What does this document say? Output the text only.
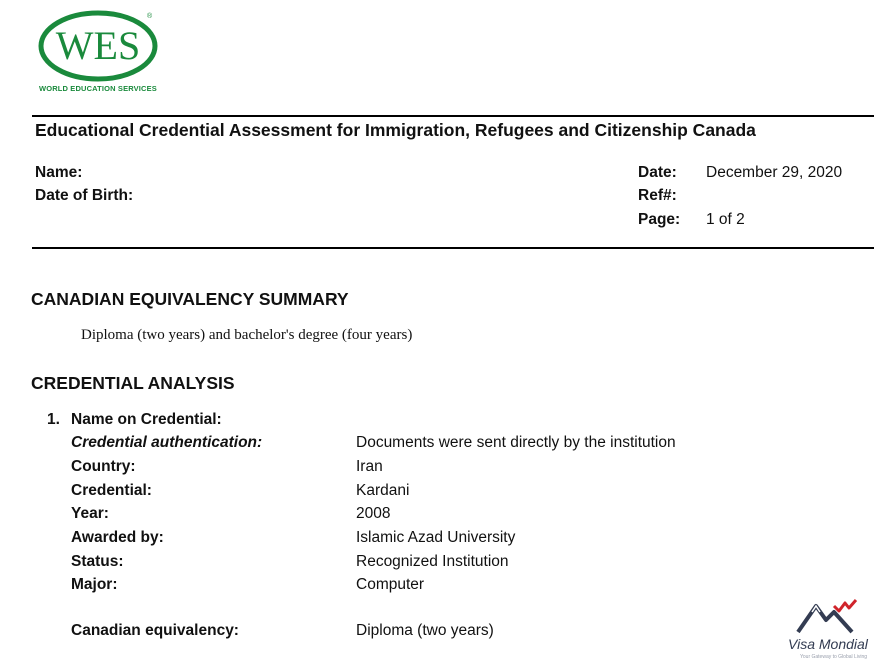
WES
®
WORLD EDUCATION SERVICES
Educational Credential Assessment for Immigration, Refugees and Citizenship Canada
Name:
Date of Birth:
Date: December 29, 2020
Ref#:
Page: 1 of 2
CANADIAN EQUIVALENCY SUMMARY
Diploma (two years) and bachelor's degree (four years)
CREDENTIAL ANALYSIS
1. Name on Credential:
Credential authentication:	Documents were sent directly by the institution
Country:	Iran
Credential:	Kardani
Year:	2008
Awarded by:	Islamic Azad University
Status:	Recognized Institution
Major:	Computer
Canadian equivalency:	Diploma (two years)
Visa Mondial
Your Gateway to Global Living
